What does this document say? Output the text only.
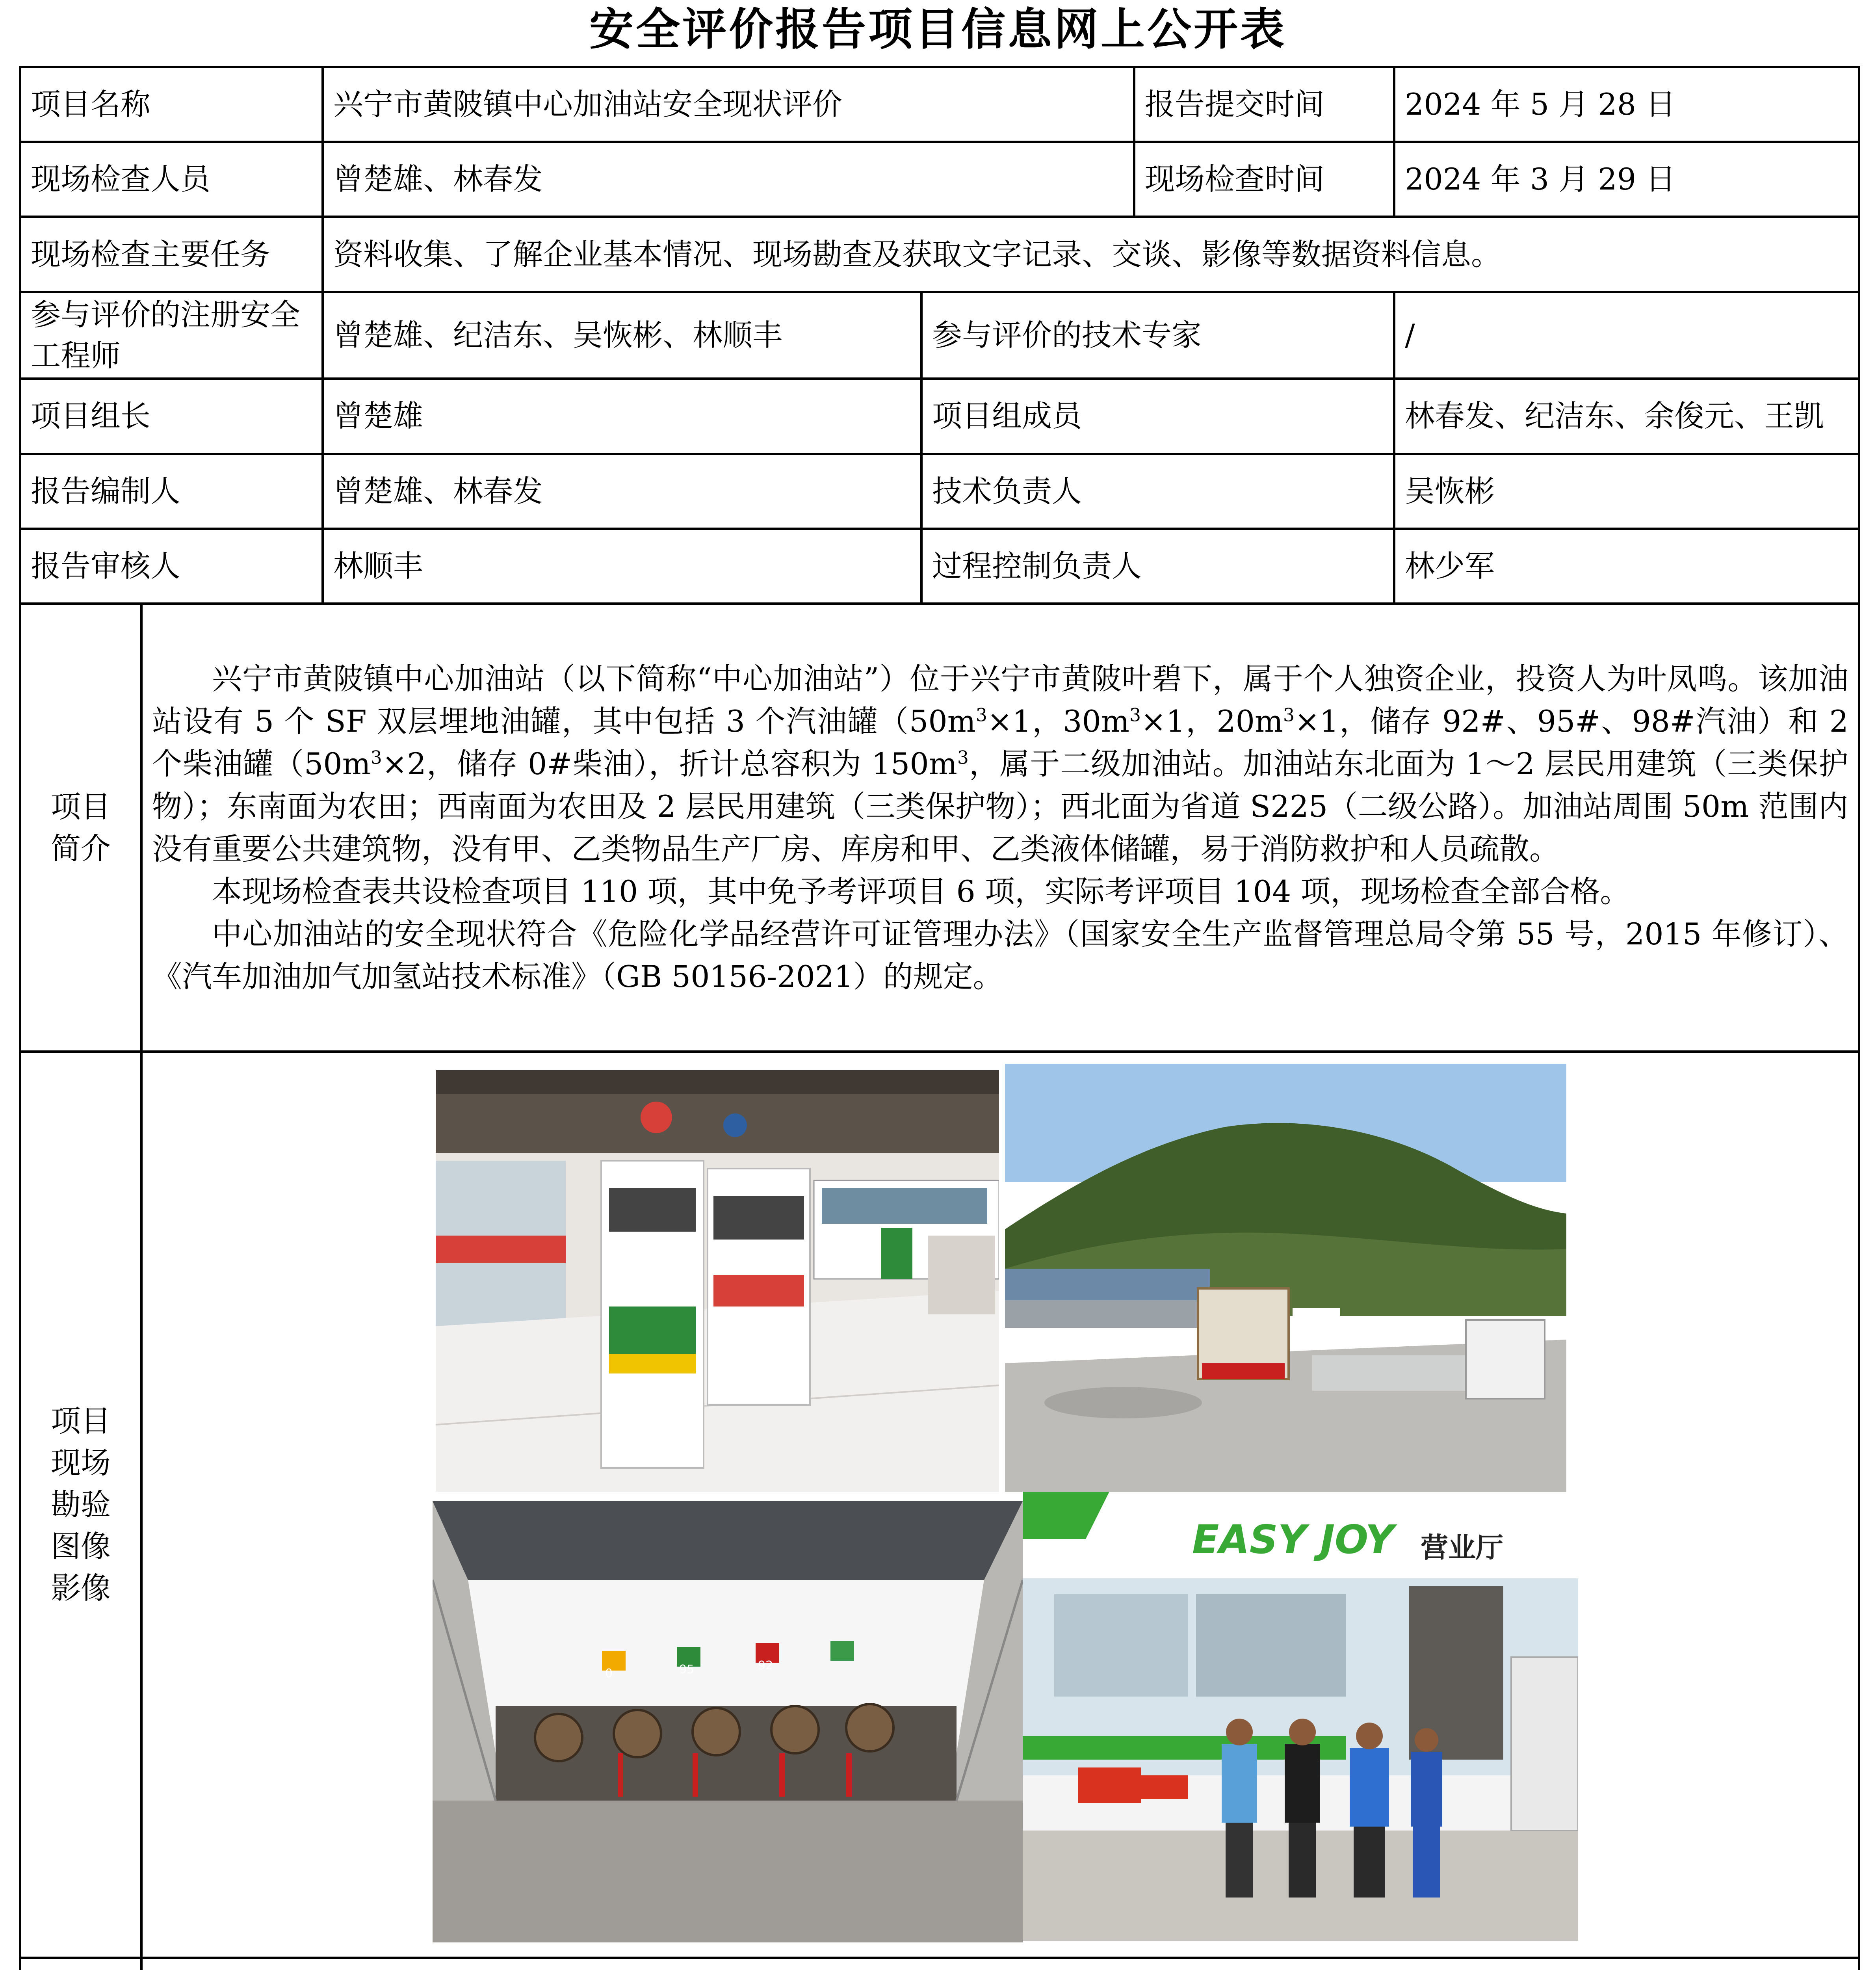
安全评价报告项目信息网上公开表
项目名称	兴宁市黄陂镇中心加油站安全现状评价	报告提交时间	2024 年 5 月 28 日
现场检查人员	曾楚雄、林春发	现场检查时间	2024 年 3 月 29 日
现场检查主要任务	资料收集、了解企业基本情况、现场勘查及获取文字记录、交谈、影像等数据资料信息。
参与评价的注册安全工程师	曾楚雄、纪洁东、吴恢彬、林顺丰	参与评价的技术专家	/
项目组长	曾楚雄	项目组成员	林春发、纪洁东、余俊元、王凯
报告编制人	曾楚雄、林春发	技术负责人	吴恢彬
报告审核人	林顺丰	过程控制负责人	林少军
项目简介	

兴宁市黄陂镇中心加油站（以下简称“中心加油站”）位于兴宁市黄陂叶碧下，属于个人独资企业，投资人为叶凤鸣。该加油站设有 5 个 SF 双层埋地油罐，其中包括 3 个汽油罐（$50m^3\times 1$，$30m^3\times 1$，$20m^3\times 1$，储存 92#、95#、98#汽油）和 2 个柴油罐（$50m^3\times 2$，储存 0#柴油），折计总容积为 $150m^3$，属于二级加油站。加油站东北面为 1～2 层民用建筑（三类保护物）；东南面为农田；西南面为农田及 2 层民用建筑（三类保护物）；西北面为省道 S225（二级公路）。加油站周围 50m 范围内没有重要公共建筑物，没有甲、乙类物品生产厂房、库房和甲、乙类液体储罐，易于消防救护和人员疏散。

本现场检查表共设检查项目 110 项，其中免予考评项目 6 项，实际考评项目 104 项，现场检查全部合格。

中心加油站的安全现状符合《危险化学品经营许可证管理办法》（国家安全生产监督管理总局令第 55 号，2015 年修订）、《汽车加油加气加氢站技术标准》（GB 50156-2021）的规定。

项目现场勘验图像影像	
0	95	92
快捷
EASY JOY 营业厅
